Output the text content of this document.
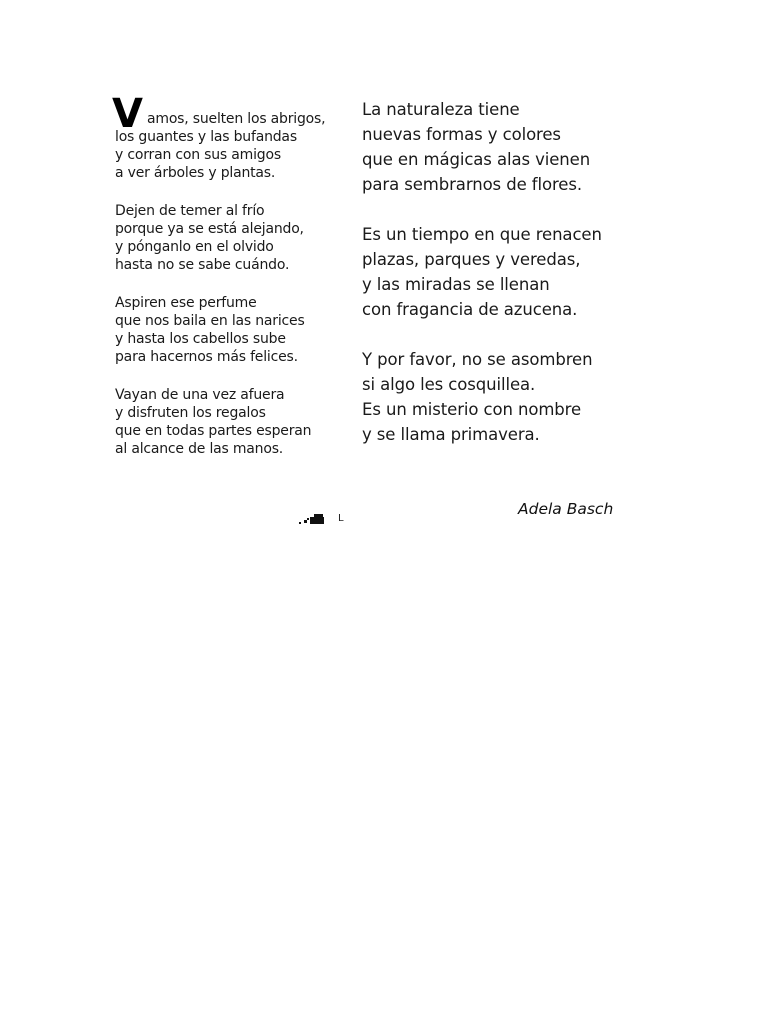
V amos, suelten los abrigos,
los guantes y las bufandas
y corran con sus amigos
a ver árboles y plantas.
Dejen de temer al frío
porque ya se está alejando,
y pónganlo en el olvido
hasta no se sabe cuándo.
Aspiren ese perfume
que nos baila en las narices
y hasta los cabellos sube
para hacernos más felices.
Vayan de una vez afuera
y disfruten los regalos
que en todas partes esperan
al alcance de las manos.
La naturaleza tiene
nuevas formas y colores
que en mágicas alas vienen
para sembrarnos de flores.
Es un tiempo en que renacen
plazas, parques y veredas,
y las miradas se llenan
con fragancia de azucena.
Y por favor, no se asombren
si algo les cosquillea.
Es un misterio con nombre
y se llama primavera.
Adela Basch
L
